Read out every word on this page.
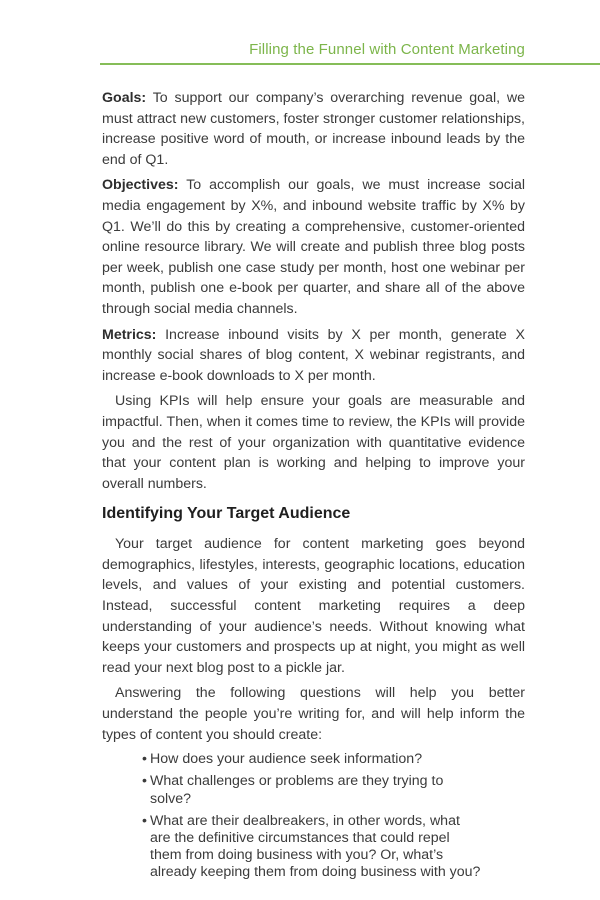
Filling the Funnel with Content Marketing

Goals: To support our company’s overarching revenue goal, we must attract new customers, foster stronger customer relationships, increase positive word of mouth, or increase inbound leads by the end of Q1.

Objectives: To accomplish our goals, we must increase social media engagement by X%, and inbound website traffic by X% by Q1. We’ll do this by creating a comprehensive, customer-oriented online resource library. We will create and publish three blog posts per week, publish one case study per month, host one webinar per month, publish one e-book per quarter, and share all of the above through social media channels.

Metrics: Increase inbound visits by X per month, generate X monthly social shares of blog content, X webinar registrants, and increase e-book downloads to X per month.

Using KPIs will help ensure your goals are measurable and impactful. Then, when it comes time to review, the KPIs will provide you and the rest of your organization with quantitative evidence that your content plan is working and helping to improve your overall numbers.

Identifying Your Target Audience

Your target audience for content marketing goes beyond demographics, lifestyles, interests, geographic locations, education levels, and values of your existing and potential customers. Instead, successful content marketing requires a deep understanding of your audience’s needs. Without knowing what keeps your customers and prospects up at night, you might as well read your next blog post to a pickle jar.

Answering the following questions will help you better understand the people you’re writing for, and will help inform the types of content you should create:

• How does your audience seek information?
• What challenges or problems are they trying to solve?
• What are their dealbreakers, in other words, what are the definitive circumstances that could repel them from doing business with you? Or, what’s already keeping them from doing business with you?
